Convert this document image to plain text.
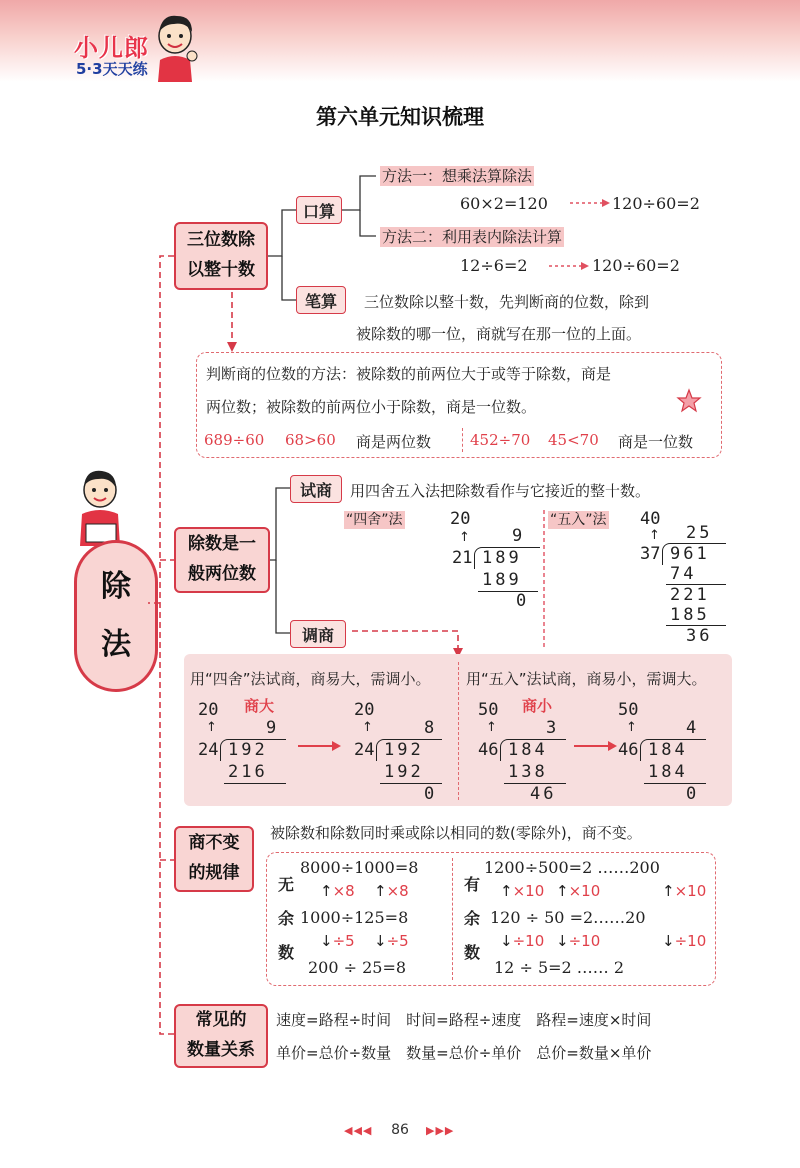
小儿郎
5·3天天练
第六单元知识梳理
除
法
三位数除
以整十数
口算
方法一：想乘法算除法
60×2=120	120÷60=2
方法二：利用表内除法计算
12÷6=2	120÷60=2
笔算	三位数除以整十数，先判断商的位数，除到
被除数的哪一位，商就写在那一位的上面。
判断商的位数的方法：被除数的前两位大于或等于除数，商是
两位数；被除数的前两位小于除数，商是一位数。
689÷60 68>60 商是两位数	452÷70 45<70 商是一位数
除数是一
般两位数
试商	用四舍五入法把除数看作与它接近的整十数。
“四舍”法	“五入”法
20
↑ 9
21 189
189
0
40
↑ 25
37 961
74
221
185
36
调商
用“四舍”法试商，商易大，需调小。 用“五入”法试商，商易小，需调大。
20 商大
↑	9
24 192
216
20
↑	8
24 192
192
0
50 商小
↑	3
46 184
138
46
50
↑	4
46 184
184
0
商不变
的规律
被除数和除数同时乘或除以相同的数(零除外)，商不变。
无
余
数
8000÷1000=8
↑×8 ↑×8
1000÷125=8
↓÷5 ↓÷5
200 ÷ 25=8
有
余
数
1200÷500=2 ……200
↑×10 ↑×10	↑×10
120 ÷ 50 =2……20
↓÷10 ↓÷10	↓÷10
12 ÷ 5=2 …… 2
常见的
数量关系
速度=路程÷时间　时间=路程÷速度　路程=速度×时间
单价=总价÷数量　数量=总价÷单价　总价=数量×单价
◀◀◀	86	▶▶▶
